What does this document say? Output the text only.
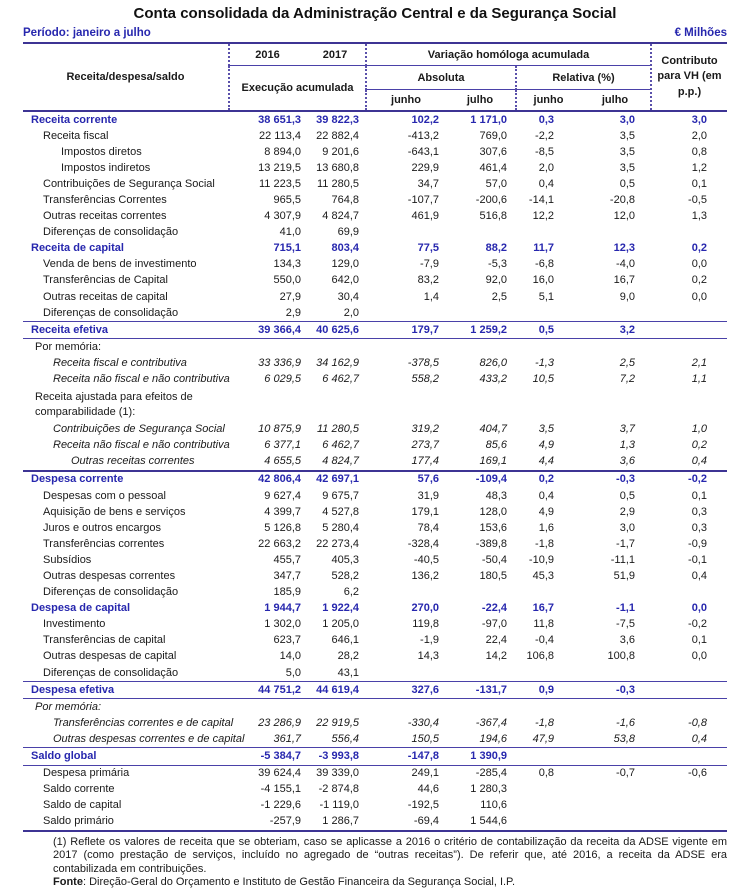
Conta consolidada da Administração Central e da Segurança Social
Período: janeiro a julho	€ Milhões
Receita/despesa/saldo
2016	2017
Execução acumulada
Variação homóloga acumulada
Absoluta	Relativa (%)
junho	julho	junho	julho
Contributo para VH (em p.p.)
Receita corrente	38 651,3	39 822,3	102,2	1 171,0	0,3	3,0	3,0
Receita fiscal	22 113,4	22 882,4	-413,2	769,0	-2,2	3,5	2,0
Impostos diretos	8 894,0	9 201,6	-643,1	307,6	-8,5	3,5	0,8
Impostos indiretos	13 219,5	13 680,8	229,9	461,4	2,0	3,5	1,2
Contribuições de Segurança Social	11 223,5	11 280,5	34,7	57,0	0,4	0,5	0,1
Transferências Correntes	965,5	764,8	-107,7	-200,6	-14,1	-20,8	-0,5
Outras receitas correntes	4 307,9	4 824,7	461,9	516,8	12,2	12,0	1,3
Diferenças de consolidação	41,0	69,9
Receita de capital	715,1	803,4	77,5	88,2	11,7	12,3	0,2
Venda de bens de investimento	134,3	129,0	-7,9	-5,3	-6,8	-4,0	0,0
Transferências de Capital	550,0	642,0	83,2	92,0	16,0	16,7	0,2
Outras receitas de capital	27,9	30,4	1,4	2,5	5,1	9,0	0,0
Diferenças de consolidação	2,9	2,0
Receita efetiva	39 366,4	40 625,6	179,7	1 259,2	0,5	3,2
Por memória:
Receita fiscal e contributiva	33 336,9	34 162,9	-378,5	826,0	-1,3	2,5	2,1
Receita não fiscal e não contributiva	6 029,5	6 462,7	558,2	433,2	10,5	7,2	1,1
Receita ajustada para efeitos de comparabilidade (1):
Contribuições de Segurança Social	10 875,9	11 280,5	319,2	404,7	3,5	3,7	1,0
Receita não fiscal e não contributiva	6 377,1	6 462,7	273,7	85,6	4,9	1,3	0,2
Outras receitas correntes	4 655,5	4 824,7	177,4	169,1	4,4	3,6	0,4
Despesa corrente	42 806,4	42 697,1	57,6	-109,4	0,2	-0,3	-0,2
Despesas com o pessoal	9 627,4	9 675,7	31,9	48,3	0,4	0,5	0,1
Aquisição de bens e serviços	4 399,7	4 527,8	179,1	128,0	4,9	2,9	0,3
Juros e outros encargos	5 126,8	5 280,4	78,4	153,6	1,6	3,0	0,3
Transferências correntes	22 663,2	22 273,4	-328,4	-389,8	-1,8	-1,7	-0,9
Subsídios	455,7	405,3	-40,5	-50,4	-10,9	-11,1	-0,1
Outras despesas correntes	347,7	528,2	136,2	180,5	45,3	51,9	0,4
Diferenças de consolidação	185,9	6,2
Despesa de capital	1 944,7	1 922,4	270,0	-22,4	16,7	-1,1	0,0
Investimento	1 302,0	1 205,0	119,8	-97,0	11,8	-7,5	-0,2
Transferências de capital	623,7	646,1	-1,9	22,4	-0,4	3,6	0,1
Outras despesas de capital	14,0	28,2	14,3	14,2	106,8	100,8	0,0
Diferenças de consolidação	5,0	43,1
Despesa efetiva	44 751,2	44 619,4	327,6	-131,7	0,9	-0,3
Por memória:
Transferências correntes e de capital	23 286,9	22 919,5	-330,4	-367,4	-1,8	-1,6	-0,8
Outras despesas correntes e de capital	361,7	556,4	150,5	194,6	47,9	53,8	0,4
Saldo global	-5 384,7	-3 993,8	-147,8	1 390,9
Despesa primária	39 624,4	39 339,0	249,1	-285,4	0,8	-0,7	-0,6
Saldo corrente	-4 155,1	-2 874,8	44,6	1 280,3
Saldo de capital	-1 229,6	-1 119,0	-192,5	110,6
Saldo primário	-257,9	1 286,7	-69,4	1 544,6
(1) Reflete os valores de receita que se obteriam, caso se aplicasse a 2016 o critério de contabilização da receita da ADSE vigente em 2017 (como prestação de serviços, incluído no agregado de “outras receitas”). De referir que, até 2016, a receita da ADSE era contabilizada em contribuições.
Fonte: Direção-Geral do Orçamento e Instituto de Gestão Financeira da Segurança Social, I.P.
